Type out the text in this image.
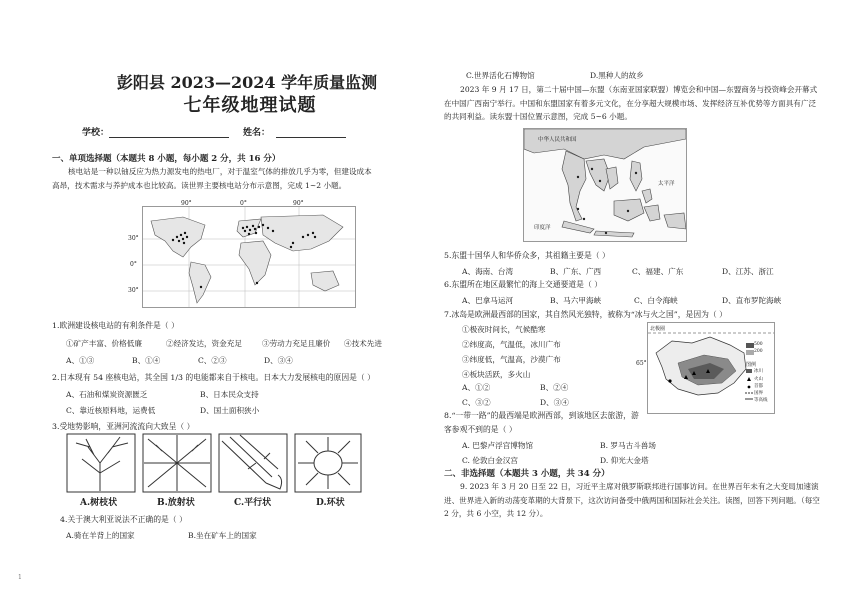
彭阳县 2023—2024 学年质量监测
七年级地理试题
学校：	姓名：
一、单项选择题（本题共 8 小题，每小题 2 分，共 16 分）
核电站是一种以铀反应为热力源发电的热电厂，对于温室气体的排放几乎为零，但建设成本高昂，技术需求与养护成本也比较高。读世界主要核电站分布示意图，完成 1~2 小题。
90°	0°	90°
30°
0°
30°
1.欧洲建设核电站的有利条件是（ ）
①矿产丰富、价格低廉	②经济发达，资金充足	③劳动力充足且廉价 ④技术先进
A、①③	B、①④	C、②③	D、③④
2.日本现有 54 座核电站，其全国 1/3 的电能都来自于核电。日本大力发展核电的原因是（ ）
A、石油和煤炭资源匮乏	B、日本民众支持
C、靠近核原料地，运费低	D、国土面积狭小
3.受地势影响，亚洲河流流向大致呈（ ）
A.树枝状	B.放射状	C.平行状	D.环状
4.关于澳大利亚说法不正确的是（ ）
A.骑在羊背上的国家	B.坐在矿车上的国家
1
C.世界活化石博物馆	D.黑种人的故乡
2023 年 9 月 17 日，第二十届中国—东盟（东南亚国家联盟）博览会和中国—东盟商务与投资峰会开幕式在中国广西南宁举行。中国和东盟国家有着多元文化，在分享超大规模市场、发挥经济互补优势等方面具有广泛的共同利益。读东盟十国位置示意图，完成 5~6 小题。
中华人民共和国
太平洋
印度洋
5.东盟十国华人和华侨众多，其祖籍主要是（ ）
A、海南、台湾	B、广东、广西	C、福建、广东	D、江苏、浙江
6.东盟所在地区最繁忙的海上交通要道是（ ）
A、巴拿马运河	B、马六甲海峡	C、白令海峡	D、直布罗陀海峡
7.冰岛是欧洲最西部的国家，其自然风光独特，被称为“冰与火之国”，是因为（ ）
①极夜时间长，气候酷寒
②纬度高，气温低，冰川广布
③纬度低，气温高，沙漠广布
④板块活跃，多火山
A、①②	B、②④
C、③②	D、③④
北极圈
500
200
图例
冰川
火山
首都
国界
等高线
65°
8.“一带一路”的最西端是欧洲西部，到该地区去旅游，游客参观不到的是（ ）
A. 巴黎卢浮宫博物馆	B. 罗马古斗兽场
C. 伦敦白金汉宫	D. 仰光大金塔
二、非选择题（本题共 3 小题，共 34 分）
9. 2023 年 3 月 20 日至 22 日，习近平主席对俄罗斯联邦进行国事访问。在世界百年未有之大变局加速演进、世界进入新的动荡变革期的大背景下，这次访问备受中俄两国和国际社会关注。读图，回答下列问题。（每空 2 分，共 6 小空，共 12 分）。
